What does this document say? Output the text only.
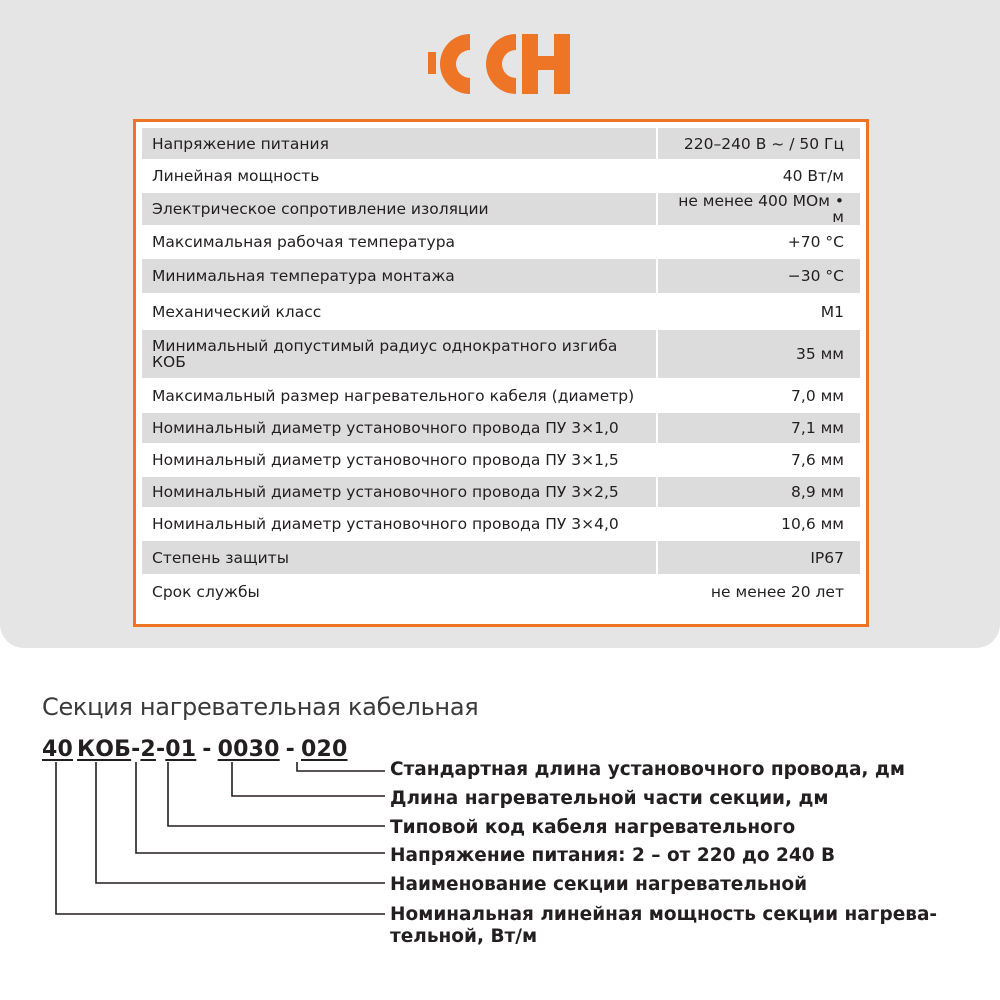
Напряжение питания	220–240 В ~ / 50 Гц
Линейная мощность	40 Вт/м
Электрическое сопротивление изоляции	не менее 400 МОм • м
Максимальная рабочая температура	+70 °С
Минимальная температура монтажа	−30 °С
Механический класс	М1
Минимальный допустимый радиус однократного изгиба КОБ	35 мм
Максимальный размер нагревательного кабеля (диаметр)	7,0 мм
Номинальный диаметр установочного провода ПУ 3×1,0	7,1 мм
Номинальный диаметр установочного провода ПУ 3×1,5	7,6 мм
Номинальный диаметр установочного провода ПУ 3×2,5	8,9 мм
Номинальный диаметр установочного провода ПУ 3×4,0	10,6 мм
Степень защиты	IP67
Срок службы	не менее 20 лет
Секция нагревательная кабельная
40 КОБ-2-01 - 0030 - 020
Стандартная длина установочного провода, дм
Длина нагревательной части секции, дм
Типовой код кабеля нагревательного
Напряжение питания: 2 – от 220 до 240 В
Наименование секции нагревательной
Номинальная линейная мощность секции нагрева-тельной, Вт/м
